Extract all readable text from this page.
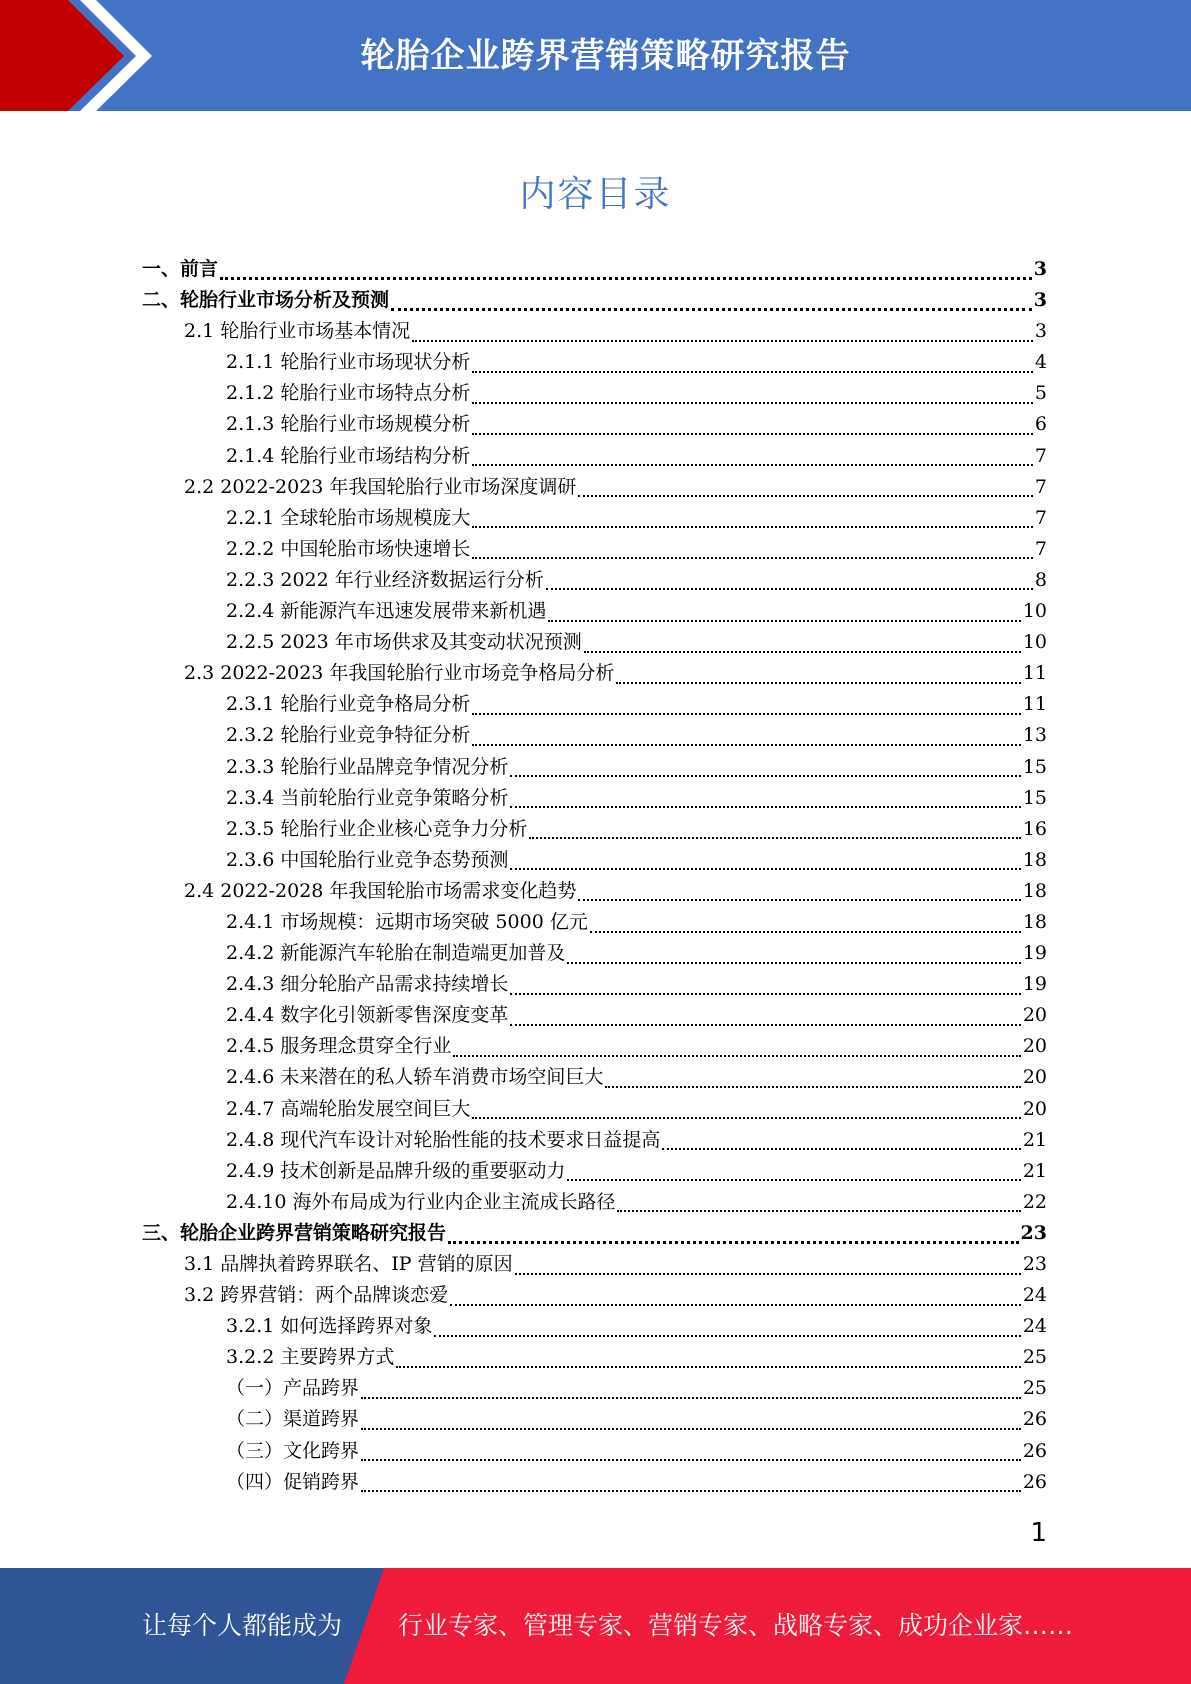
轮胎企业跨界营销策略研究报告
内容目录
一、前言	3
二、轮胎行业市场分析及预测	3
2.1 轮胎行业市场基本情况	3
2.1.1 轮胎行业市场现状分析	4
2.1.2 轮胎行业市场特点分析	5
2.1.3 轮胎行业市场规模分析	6
2.1.4 轮胎行业市场结构分析	7
2.2 2022-2023 年我国轮胎行业市场深度调研	7
2.2.1 全球轮胎市场规模庞大	7
2.2.2 中国轮胎市场快速增长	7
2.2.3 2022 年行业经济数据运行分析	8
2.2.4 新能源汽车迅速发展带来新机遇	10
2.2.5 2023 年市场供求及其变动状况预测	10
2.3 2022-2023 年我国轮胎行业市场竞争格局分析	11
2.3.1 轮胎行业竞争格局分析	11
2.3.2 轮胎行业竞争特征分析	13
2.3.3 轮胎行业品牌竞争情况分析	15
2.3.4 当前轮胎行业竞争策略分析	15
2.3.5 轮胎行业企业核心竞争力分析	16
2.3.6 中国轮胎行业竞争态势预测	18
2.4 2022-2028 年我国轮胎市场需求变化趋势	18
2.4.1 市场规模：远期市场突破 5000 亿元	18
2.4.2 新能源汽车轮胎在制造端更加普及	19
2.4.3 细分轮胎产品需求持续增长	19
2.4.4 数字化引领新零售深度变革	20
2.4.5 服务理念贯穿全行业	20
2.4.6 未来潜在的私人轿车消费市场空间巨大	20
2.4.7 高端轮胎发展空间巨大	20
2.4.8 现代汽车设计对轮胎性能的技术要求日益提高	21
2.4.9 技术创新是品牌升级的重要驱动力	21
2.4.10 海外布局成为行业内企业主流成长路径	22
三、轮胎企业跨界营销策略研究报告	23
3.1 品牌执着跨界联名、IP 营销的原因	23
3.2 跨界营销：两个品牌谈恋爱	24
3.2.1 如何选择跨界对象	24
3.2.2 主要跨界方式	25
（一）产品跨界	25
（二）渠道跨界	26
（三）文化跨界	26
（四）促销跨界	26
1
让每个人都能成为 行业专家、管理专家、营销专家、战略专家、成功企业家……
